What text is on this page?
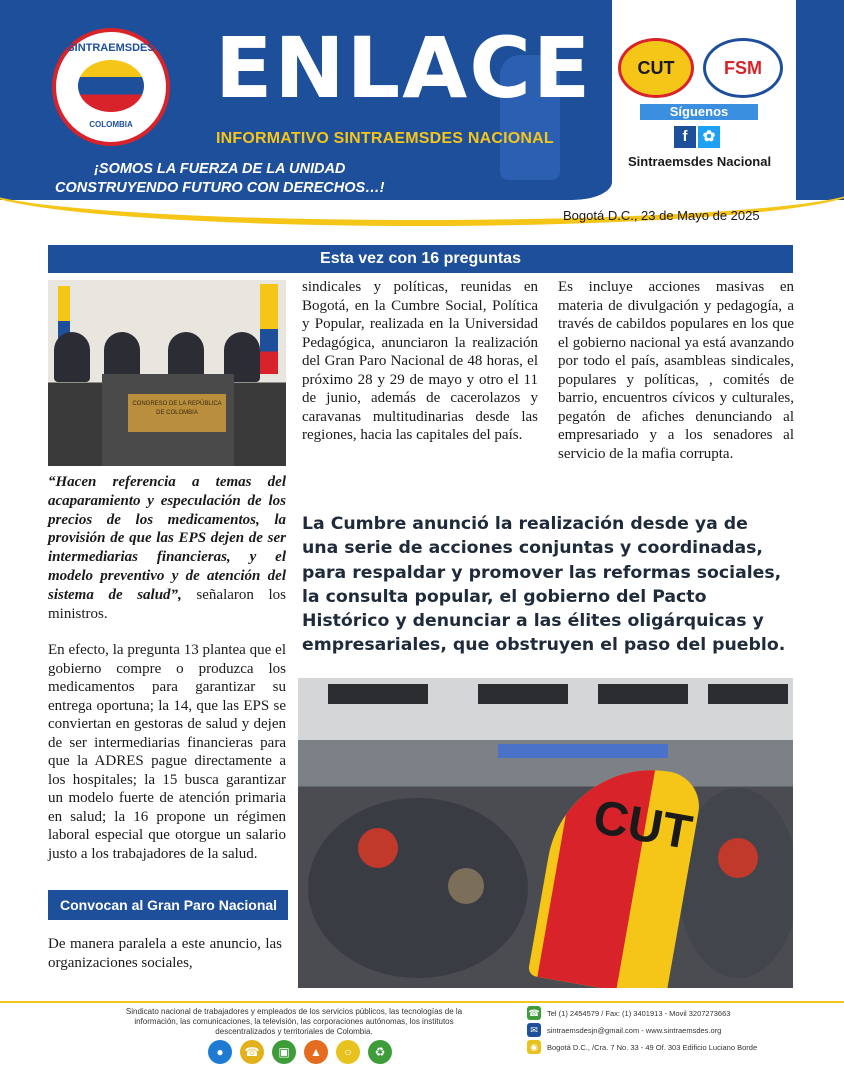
SINTRAEMSDES
COLOMBIA
ENLACE
INFORMATIVO SINTRAEMSDES NACIONAL
¡SOMOS LA FUERZA DE LA UNIDAD
CONSTRUYENDO FUTURO CON DERECHOS…!
CUT	FSM
Síguenos
f	✿
Sintraemsdes Nacional
Bogotá D.C., 23 de Mayo de 2025
Esta vez con 16 preguntas
CONGRESO DE LA REPÚBLICA DE COLOMBIA
“Hacen referencia a temas del acaparamiento y especulación de los precios de los medicamentos, la provisión de que las EPS dejen de ser intermediarias financieras, y el modelo preventivo y de atención del sistema de salud”, señalaron los ministros.
En efecto, la pregunta 13 plantea que el gobierno compre o produzca los medicamentos para garantizar su entrega oportuna; la 14, que las EPS se conviertan en gestoras de salud y dejen de ser intermediarias financieras para que la ADRES pague directamente a los hospitales; la 15 busca garantizar un modelo fuerte de atención primaria en salud; la 16 propone un régimen laboral especial que otorgue un salario justo a los trabajadores de la salud.
Convocan al Gran Paro Nacional
De manera paralela a este anuncio, las organizaciones sociales,
sindicales y políticas, reunidas en Bogotá, en la Cumbre Social, Política y Popular, realizada en la Universidad Pedagógica, anunciaron la realización del Gran Paro Nacional de 48 horas, el próximo 28 y 29 de mayo y otro el 11 de junio, además de cacerolazos y caravanas multitudinarias desde las regiones, hacia las capitales del país.
Es incluye acciones masivas en materia de divulgación y pedagogía, a través de cabildos populares en los que el gobierno nacional ya está avanzando por todo el país, asambleas sindicales, populares y políticas, , comités de barrio, encuentros cívicos y culturales, pegatón de afiches denunciando al empresariado y a los senadores al servicio de la mafia corrupta.
La Cumbre anunció la realización desde ya de una serie de acciones conjuntas y coordinadas, para respaldar y promover las reformas sociales, la consulta popular, el gobierno del Pacto Histórico y denunciar a las élites oligárquicas y empresariales, que obstruyen el paso del pueblo.
CUT
Sindicato nacional de trabajadores y empleados de los servicios públicos, las tecnologías de la información, las comunicaciones, la televisión, las corporaciones autónomas, los institutos descentralizados y territoriales de Colombia.
●	☎	▣	▲	○	♻
☎ Tel (1) 2454579 / Fax: (1) 3401913 - Movil 3207273663
✉	sintraemsdesjn@gmail.com - www.sintraemsdes.org
◉	Bogotá D.C., /Cra. 7 No. 33 - 49 Of. 303 Edificio Luciano Borde
